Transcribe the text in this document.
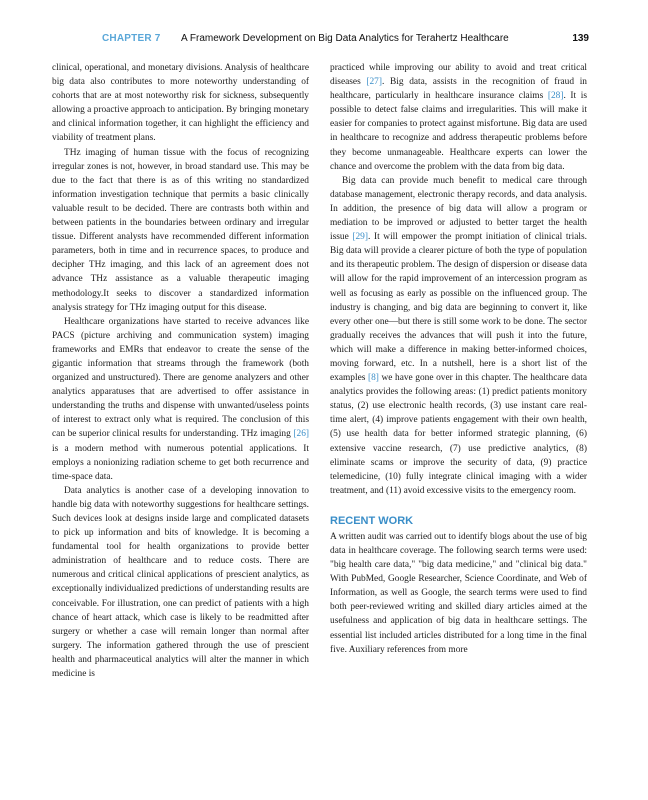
CHAPTER 7 A Framework Development on Big Data Analytics for Terahertz Healthcare	139

clinical, operational, and monetary divisions. Analysis of healthcare big data also contributes to more noteworthy understanding of cohorts that are at most noteworthy risk for sickness, subsequently allowing a proactive approach to anticipation. By bringing monetary and clinical information together, it can highlight the efficiency and viability of treatment plans.

THz imaging of human tissue with the focus of recognizing irregular zones is not, however, in broad standard use. This may be due to the fact that there is as of this writing no standardized information investigation technique that permits a basic clinically valuable result to be decided. There are contrasts both within and between patients in the boundaries between ordinary and irregular tissue. Different analysts have recommended different information parameters, both in time and in recurrence spaces, to produce and decipher THz imaging, and this lack of an agreement does not advance THz assistance as a valuable therapeutic imaging methodology.It seeks to discover a standardized information analysis strategy for THz imaging output for this disease.

Healthcare organizations have started to receive advances like PACS (picture archiving and communication system) imaging frameworks and EMRs that endeavor to create the sense of the gigantic information that streams through the framework (both organized and unstructured). There are genome analyzers and other analytics apparatuses that are advertised to offer assistance in understanding the truths and dispense with unwanted/useless points of interest to extract only what is required. The conclusion of this can be superior clinical results for understanding. THz imaging [26] is a modern method with numerous potential applications. It employs a nonionizing radiation scheme to get both recurrence and time-space data.

Data analytics is another case of a developing innovation to handle big data with noteworthy suggestions for healthcare settings. Such devices look at designs inside large and complicated datasets to pick up information and bits of knowledge. It is becoming a fundamental tool for health organizations to provide better administration of healthcare and to reduce costs. There are numerous and critical clinical applications of prescient analytics, as exceptionally individualized predictions of understanding results are conceivable. For illustration, one can predict of patients with a high chance of heart attack, which case is likely to be readmitted after surgery or whether a case will remain longer than normal after surgery. The information gathered through the use of prescient health and pharmaceutical analytics will alter the manner in which medicine is

practiced while improving our ability to avoid and treat critical diseases [27]. Big data, assists in the recognition of fraud in healthcare, particularly in healthcare insurance claims [28]. It is possible to detect false claims and irregularities. This will make it easier for companies to protect against misfortune. Big data are used in healthcare to recognize and address therapeutic problems before they become unmanageable. Healthcare experts can lower the chance and overcome the problem with the data from big data.

Big data can provide much benefit to medical care through database management, electronic therapy records, and data analysis. In addition, the presence of big data will allow a program or mediation to be improved or adjusted to better target the health issue [29]. It will empower the prompt initiation of clinical trials. Big data will provide a clearer picture of both the type of population and its therapeutic problem. The design of dispersion or disease data will allow for the rapid improvement of an intercession program as well as focusing as early as possible on the influenced group. The industry is changing, and big data are beginning to convert it, like every other one—but there is still some work to be done. The sector gradually receives the advances that will push it into the future, which will make a difference in making better-informed choices, moving forward, etc. In a nutshell, here is a short list of the examples [8] we have gone over in this chapter. The healthcare data analytics provides the following areas: (1) predict patients monitory status, (2) use electronic health records, (3) use instant care real-time alert, (4) improve patients engagement with their own health, (5) use health data for better informed strategic planning, (6) extensive vaccine research, (7) use predictive analytics, (8) eliminate scams or improve the security of data, (9) practice telemedicine, (10) fully integrate clinical imaging with a wider treatment, and (11) avoid excessive visits to the emergency room.

RECENT WORK

A written audit was carried out to identify blogs about the use of big data in healthcare coverage. The following search terms were used: "big health care data," "big data medicine," and "clinical big data." With PubMed, Google Researcher, Science Coordinate, and Web of Information, as well as Google, the search terms were used to find both peer-reviewed writing and skilled diary articles aimed at the usefulness and application of big data in healthcare settings. The essential list included articles distributed for a long time in the final five. Auxiliary references from more
